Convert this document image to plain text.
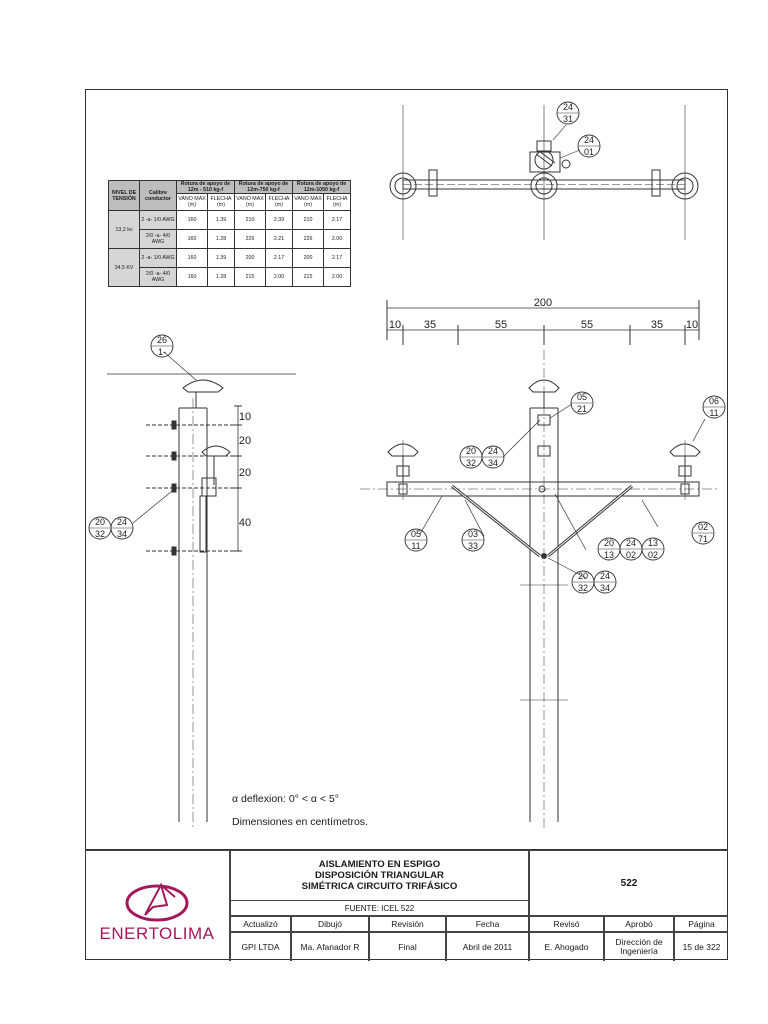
24
31
24
01
26
1-
20
32
24
34
05
21
06
11
20
32
24
34
05
11
03
33
02
71
20
13
24
02
13
02
20
32
24
34
200
10 35	55	55	35 10
10
20
20
40
NIVEL DE TENSIÓN	Calibre conductor	Rotura de apoyo de 12m - 510 kg-f		Rotura de apoyo de 12m-750 kg-f		Rotura de apoyo de 12m-1050 kg-f	
		VANO MAX (m)	FLECHA (m)	VANO MAX (m)	FLECHA (m)	VANO MAX (m)	FLECHA (m)
13,2 kv	2 -a- 1/0 AWG	160	1.39	210	2.39	210	2.17
	2/0 -a- 4/0 AWG	160	1.28	226	2.21	226	2.00
34,5 KV	2 -a- 1/0 AWG	160	1.39	200	2.17	200	2.17
	2/0 -a- 4/0 AWG	160	1.28	215	2.00	215	2.00
α deflexion: 0° < α < 5°
Dimensiones en centímetros.
ENERTOLIMA
AISLAMIENTO EN ESPIGO
DISPOSICIÓN TRIANGULAR
SIMÉTRICA CIRCUITO TRIFÁSICO	522
FUENTE: ICEL 522
Actualizó	Dibujó	Revisión	Fecha	Revisó	Aprobó	Página
GPI LTDA	Ma. Afanador R	Final	Abril de 2011	E. Ahogado	Dirección de Ingeniería	15 de 322
